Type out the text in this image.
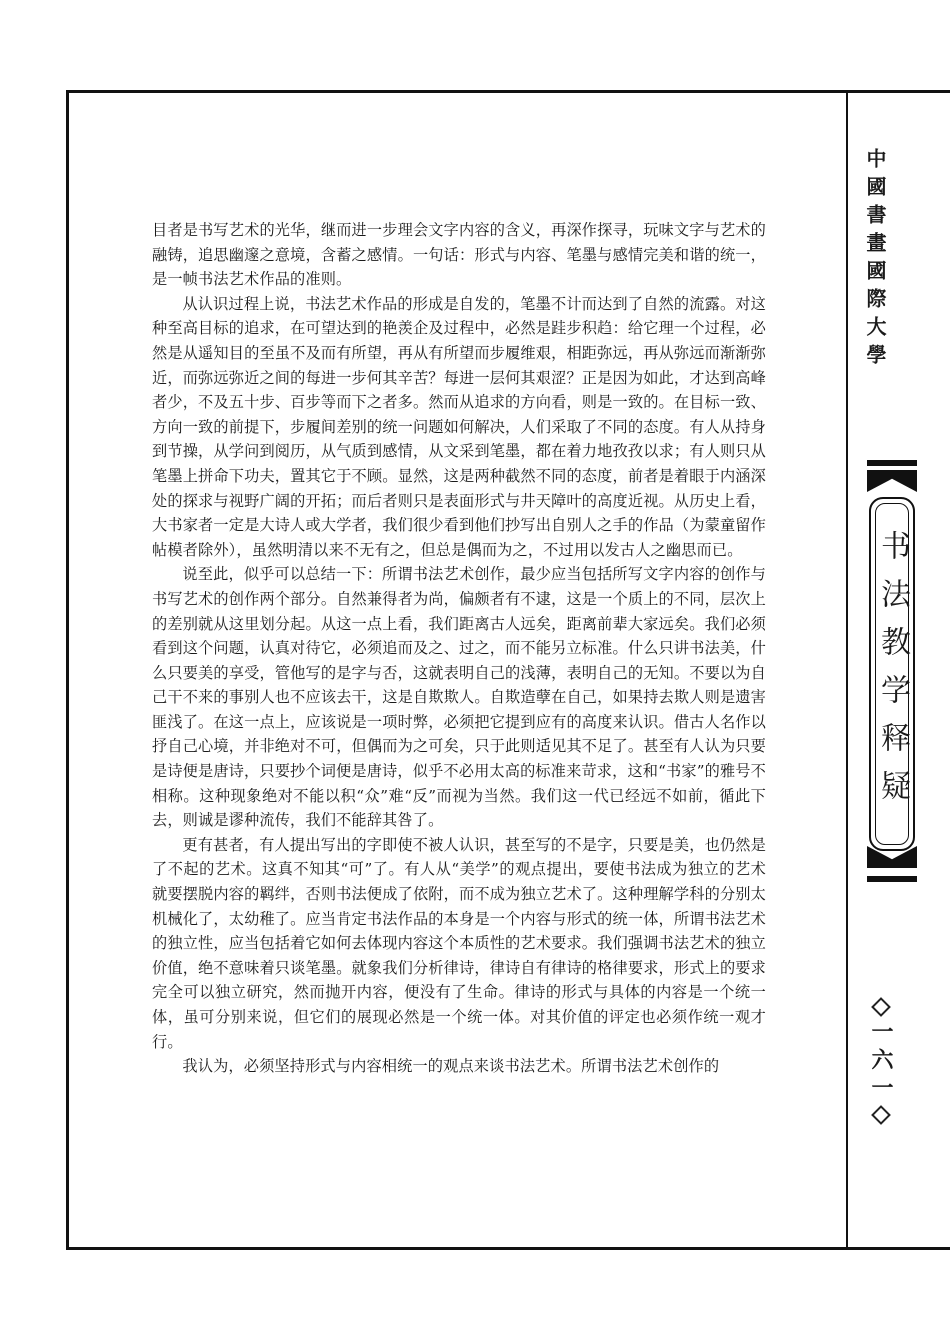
目者是书写艺术的光华，继而进一步理会文字内容的含义，再深作探寻，玩味文字与艺术的融铸，追思幽邃之意境，含蓄之感情。一句话：形式与内容、笔墨与感情完美和谐的统一，是一帧书法艺术作品的准则。

从认识过程上说，书法艺术作品的形成是自发的，笔墨不计而达到了自然的流露。对这种至高目标的追求，在可望达到的艳羡企及过程中，必然是跬步积趋：给它理一个过程，必然是从遥知目的至虽不及而有所望，再从有所望而步履维艰，相距弥远，再从弥远而渐渐弥近，而弥远弥近之间的每进一步何其辛苦？每进一层何其艰涩？正是因为如此，才达到高峰者少，不及五十步、百步等而下之者多。然而从追求的方向看，则是一致的。在目标一致、方向一致的前提下，步履间差别的统一问题如何解决，人们采取了不同的态度。有人从持身到节操，从学问到阅历，从气质到感情，从文采到笔墨，都在着力地孜孜以求；有人则只从笔墨上拼命下功夫，置其它于不顾。显然，这是两种截然不同的态度，前者是着眼于内涵深处的探求与视野广阔的开拓；而后者则只是表面形式与井天障叶的高度近视。从历史上看，大书家者一定是大诗人或大学者，我们很少看到他们抄写出自别人之手的作品（为蒙童留作帖模者除外），虽然明清以来不无有之，但总是偶而为之，不过用以发古人之幽思而已。

说至此，似乎可以总结一下：所谓书法艺术创作，最少应当包括所写文字内容的创作与书写艺术的创作两个部分。自然兼得者为尚，偏颇者有不逮，这是一个质上的不同，层次上的差别就从这里划分起。从这一点上看，我们距离古人远矣，距离前辈大家远矣。我们必须看到这个问题，认真对待它，必须追而及之、过之，而不能另立标准。什么只讲书法美，什么只要美的享受，管他写的是字与否，这就表明自己的浅薄，表明自己的无知。不要以为自己干不来的事别人也不应该去干，这是自欺欺人。自欺造孽在自己，如果持去欺人则是遗害匪浅了。在这一点上，应该说是一项时弊，必须把它提到应有的高度来认识。借古人名作以抒自己心境，并非绝对不可，但偶而为之可矣，只于此则适见其不足了。甚至有人认为只要是诗便是唐诗，只要抄个词便是唐诗，似乎不必用太高的标准来苛求，这和“书家”的雅号不相称。这种现象绝对不能以积“众”难“反”而视为当然。我们这一代已经远不如前，循此下去，则诚是谬种流传，我们不能辞其咎了。

更有甚者，有人提出写出的字即使不被人认识，甚至写的不是字，只要是美，也仍然是了不起的艺术。这真不知其“可”了。有人从“美学”的观点提出，要使书法成为独立的艺术就要摆脱内容的羁绊，否则书法便成了依附，而不成为独立艺术了。这种理解学科的分别太机械化了，太幼稚了。应当肯定书法作品的本身是一个内容与形式的统一体，所谓书法艺术的独立性，应当包括着它如何去体现内容这个本质性的艺术要求。我们强调书法艺术的独立价值，绝不意味着只谈笔墨。就象我们分析律诗，律诗自有律诗的格律要求，形式上的要求完全可以独立研究，然而抛开内容，便没有了生命。律诗的形式与具体的内容是一个统一体，虽可分别来说，但它们的展现必然是一个统一体。对其价值的评定也必须作统一观才行。

我认为，必须坚持形式与内容相统一的观点来谈书法艺术。所谓书法艺术创作的

中國書畫國際大學
书法教学释疑
一六一
